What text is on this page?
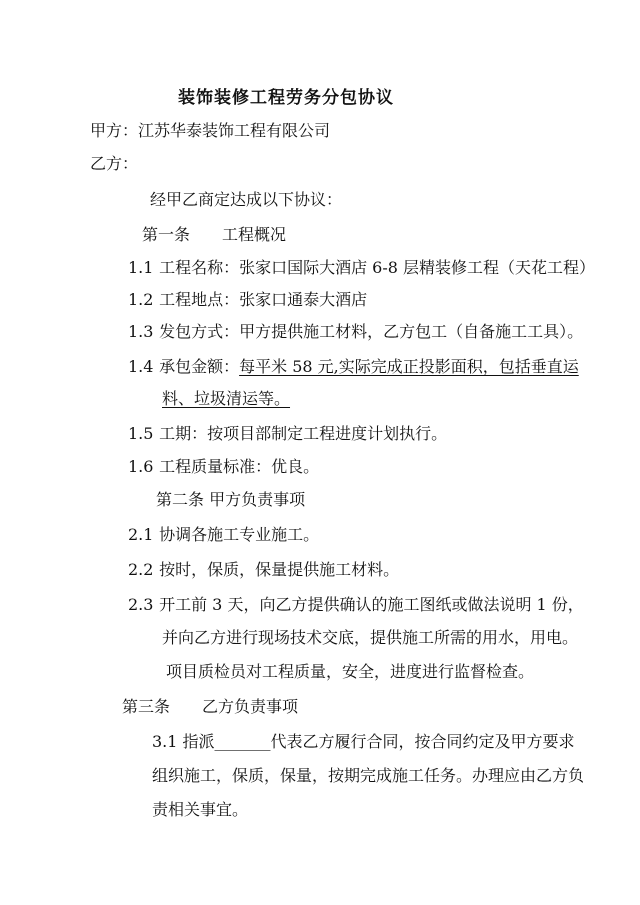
装饰装修工程劳务分包协议
甲方：江苏华泰装饰工程有限公司
乙方：
经甲乙商定达成以下协议：
第一条　　工程概况
1.1 工程名称：张家口国际大酒店 6-8 层精装修工程（天花工程）
1.2 工程地点：张家口通泰大酒店
1.3 发包方式：甲方提供施工材料，乙方包工（自备施工工具）。
1.4 承包金额：每平米 58 元,实际完成正投影面积，包括垂直运
料、垃圾清运等。
1.5 工期：按项目部制定工程进度计划执行。
1.6 工程质量标准：优良。
第二条 甲方负责事项
2.1 协调各施工专业施工。
2.2 按时，保质，保量提供施工材料。
2.3 开工前 3 天，向乙方提供确认的施工图纸或做法说明 1 份，
并向乙方进行现场技术交底，提供施工所需的用水，用电。
项目质检员对工程质量，安全，进度进行监督检查。
第三条　　乙方负责事项
3.1 指派_______代表乙方履行合同，按合同约定及甲方要求
组织施工，保质，保量，按期完成施工任务。办理应由乙方负
责相关事宜。
